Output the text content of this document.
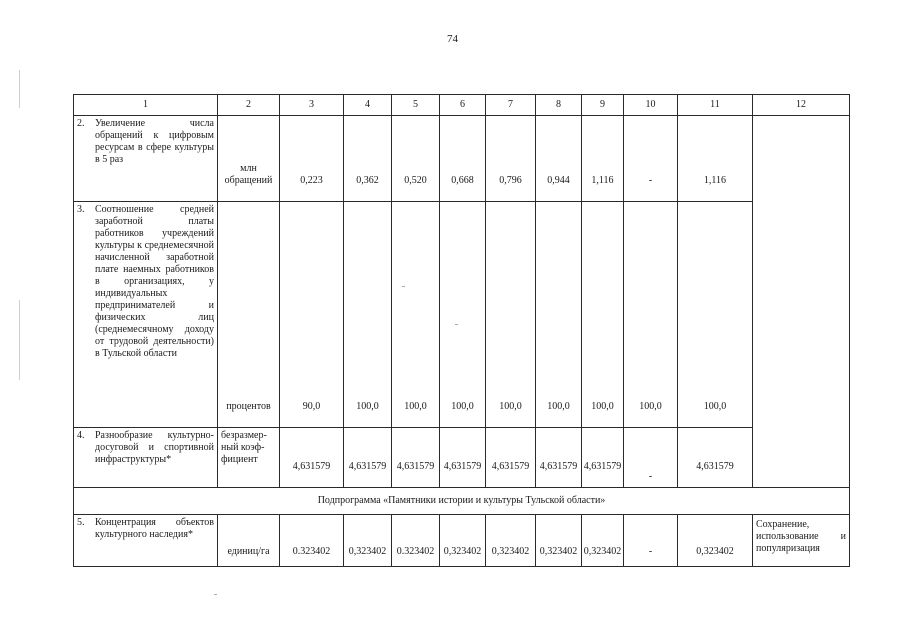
74
1	2	3	4	5	6	7	8	9	10	11	12

2. Увеличение числа обращений к цифровым ресурсам в сфере культуры в 5 раз	млн обращений	0,223	0,362	0,520	0,668	0,796	0,944	1,116	-	1,116	

3. Соотношение средней заработной платы работников учреждений культуры к среднемесячной начисленной заработной плате наемных работников в организациях, у индивидуальных предпринимателей и физических лиц (среднемесячному доходу от трудовой деятельности) в Тульской области	процентов	90,0	100,0	100,0	100,0	100,0	100,0	100,0	100,0	100,0	

4. Разнообразие культурно-досуговой и спортивной инфраструктуры*	безразмер-ный коэф-фициент	4,631579	4,631579	4,631579	4,631579	4,631579	4,631579	4,631579	-	4,631579	
Подпрограмма «Памятники истории и культуры Тульской области»											

5. Концентрация объектов культурного наследия*	единиц/га	0.323402	0,323402	0.323402	0,323402	0,323402	0,323402	0,323402	-	0,323402	Сохранение, использование и популяризация
